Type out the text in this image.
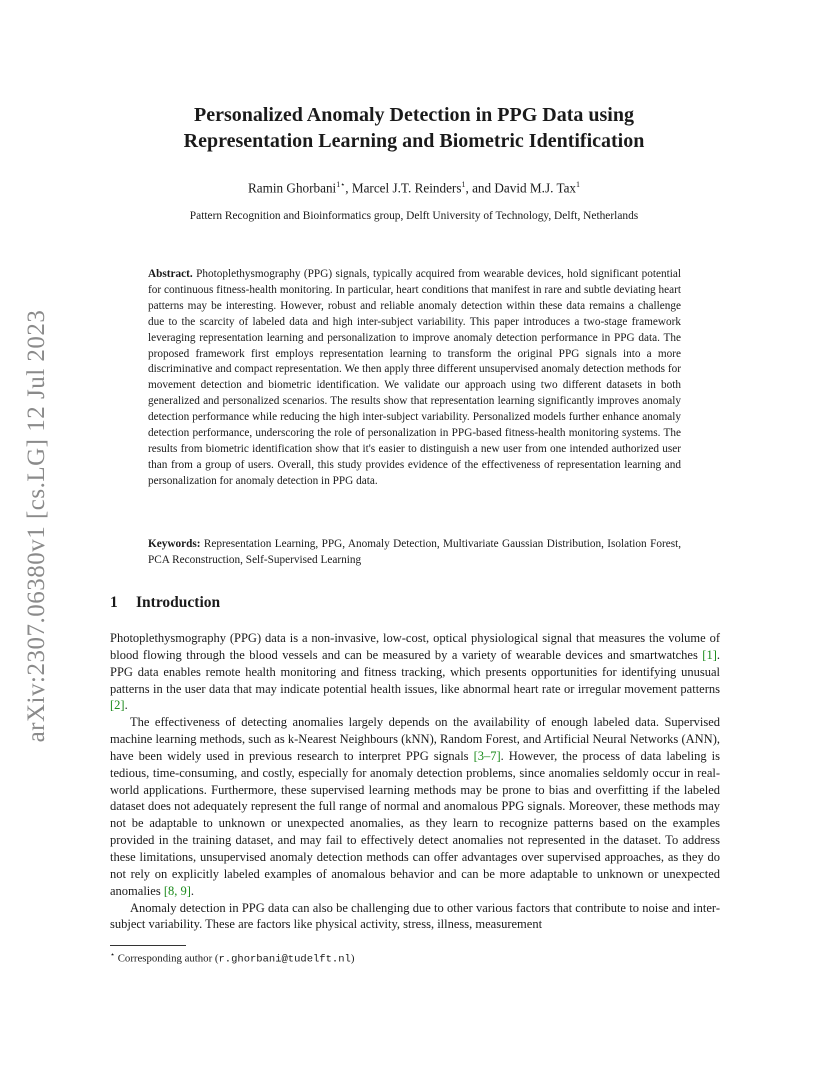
arXiv:2307.06380v1 [cs.LG] 12 Jul 2023
Personalized Anomaly Detection in PPG Data using
Representation Learning and Biometric Identification
Ramin Ghorbani$^{1⋆}$, Marcel J.T. Reinders$^1$, and David M.J. Tax$^1$
Pattern Recognition and Bioinformatics group, Delft University of Technology, Delft, Netherlands

Abstract. Photoplethysmography (PPG) signals, typically acquired from wearable devices, hold significant potential for continuous fitness-health monitoring. In particular, heart conditions that manifest in rare and subtle deviating heart patterns may be interesting. However, robust and reliable anomaly detection within these data remains a challenge due to the scarcity of labeled data and high inter-subject variability. This paper introduces a two-stage framework leveraging representation learning and personalization to improve anomaly detection performance in PPG data. The proposed framework first employs representation learning to transform the original PPG signals into a more discriminative and compact representation. We then apply three different unsupervised anomaly detection methods for movement detection and biometric identification. We validate our approach using two different datasets in both generalized and personalized scenarios. The results show that representation learning significantly improves anomaly detection performance while reducing the high inter-subject variability. Personalized models further enhance anomaly detection performance, underscoring the role of personalization in PPG-based fitness-health monitoring systems. The results from biometric identification show that it's easier to distinguish a new user from one intended authorized user than from a group of users. Overall, this study provides evidence of the effectiveness of representation learning and personalization for anomaly detection in PPG data.

Keywords: Representation Learning, PPG, Anomaly Detection, Multivariate Gaussian Distribution, Isolation Forest, PCA Reconstruction, Self-Supervised Learning

1 Introduction

Photoplethysmography (PPG) data is a non-invasive, low-cost, optical physiological signal that measures the volume of blood flowing through the blood vessels and can be measured by a variety of wearable devices and smartwatches [1]. PPG data enables remote health monitoring and fitness tracking, which presents opportunities for identifying unusual patterns in the user data that may indicate potential health issues, like abnormal heart rate or irregular movement patterns [2].

The effectiveness of detecting anomalies largely depends on the availability of enough labeled data. Supervised machine learning methods, such as k-Nearest Neighbours (kNN), Random Forest, and Artificial Neural Networks (ANN), have been widely used in previous research to interpret PPG signals [3–7]. However, the process of data labeling is tedious, time-consuming, and costly, especially for anomaly detection problems, since anomalies seldomly occur in real-world applications. Furthermore, these supervised learning methods may be prone to bias and overfitting if the labeled dataset does not adequately represent the full range of normal and anomalous PPG signals. Moreover, these methods may not be adaptable to unknown or unexpected anomalies, as they learn to recognize patterns based on the examples provided in the training dataset, and may fail to effectively detect anomalies not represented in the dataset. To address these limitations, unsupervised anomaly detection methods can offer advantages over supervised approaches, as they do not rely on explicitly labeled examples of anomalous behavior and can be more adaptable to unknown or unexpected anomalies [8, 9].

Anomaly detection in PPG data can also be challenging due to other various factors that contribute to noise and inter-subject variability. These are factors like physical activity, stress, illness, measurement

⋆ Corresponding author (r.ghorbani@tudelft.nl)
